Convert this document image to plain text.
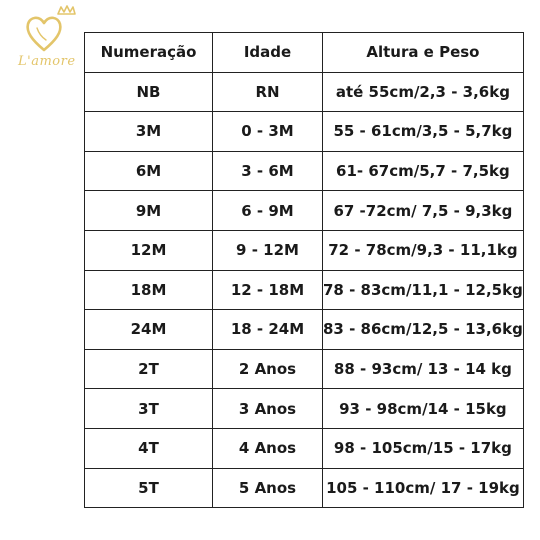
L'amore
Numeração	Idade	Altura e Peso
NB	RN	até 55cm/2,3 - 3,6kg
3M	0 - 3M	55 - 61cm/3,5 - 5,7kg
6M	3 - 6M	61- 67cm/5,7 - 7,5kg
9M	6 - 9M	67 -72cm/ 7,5 - 9,3kg
12M	9 - 12M	72 - 78cm/9,3 - 11,1kg
18M	12 - 18M	78 - 83cm/11,1 - 12,5kg
24M	18 - 24M	83 - 86cm/12,5 - 13,6kg
2T	2 Anos	88 - 93cm/ 13 - 14 kg
3T	3 Anos	93 - 98cm/14 - 15kg
4T	4 Anos	98 - 105cm/15 - 17kg
5T	5 Anos	105 - 110cm/ 17 - 19kg
